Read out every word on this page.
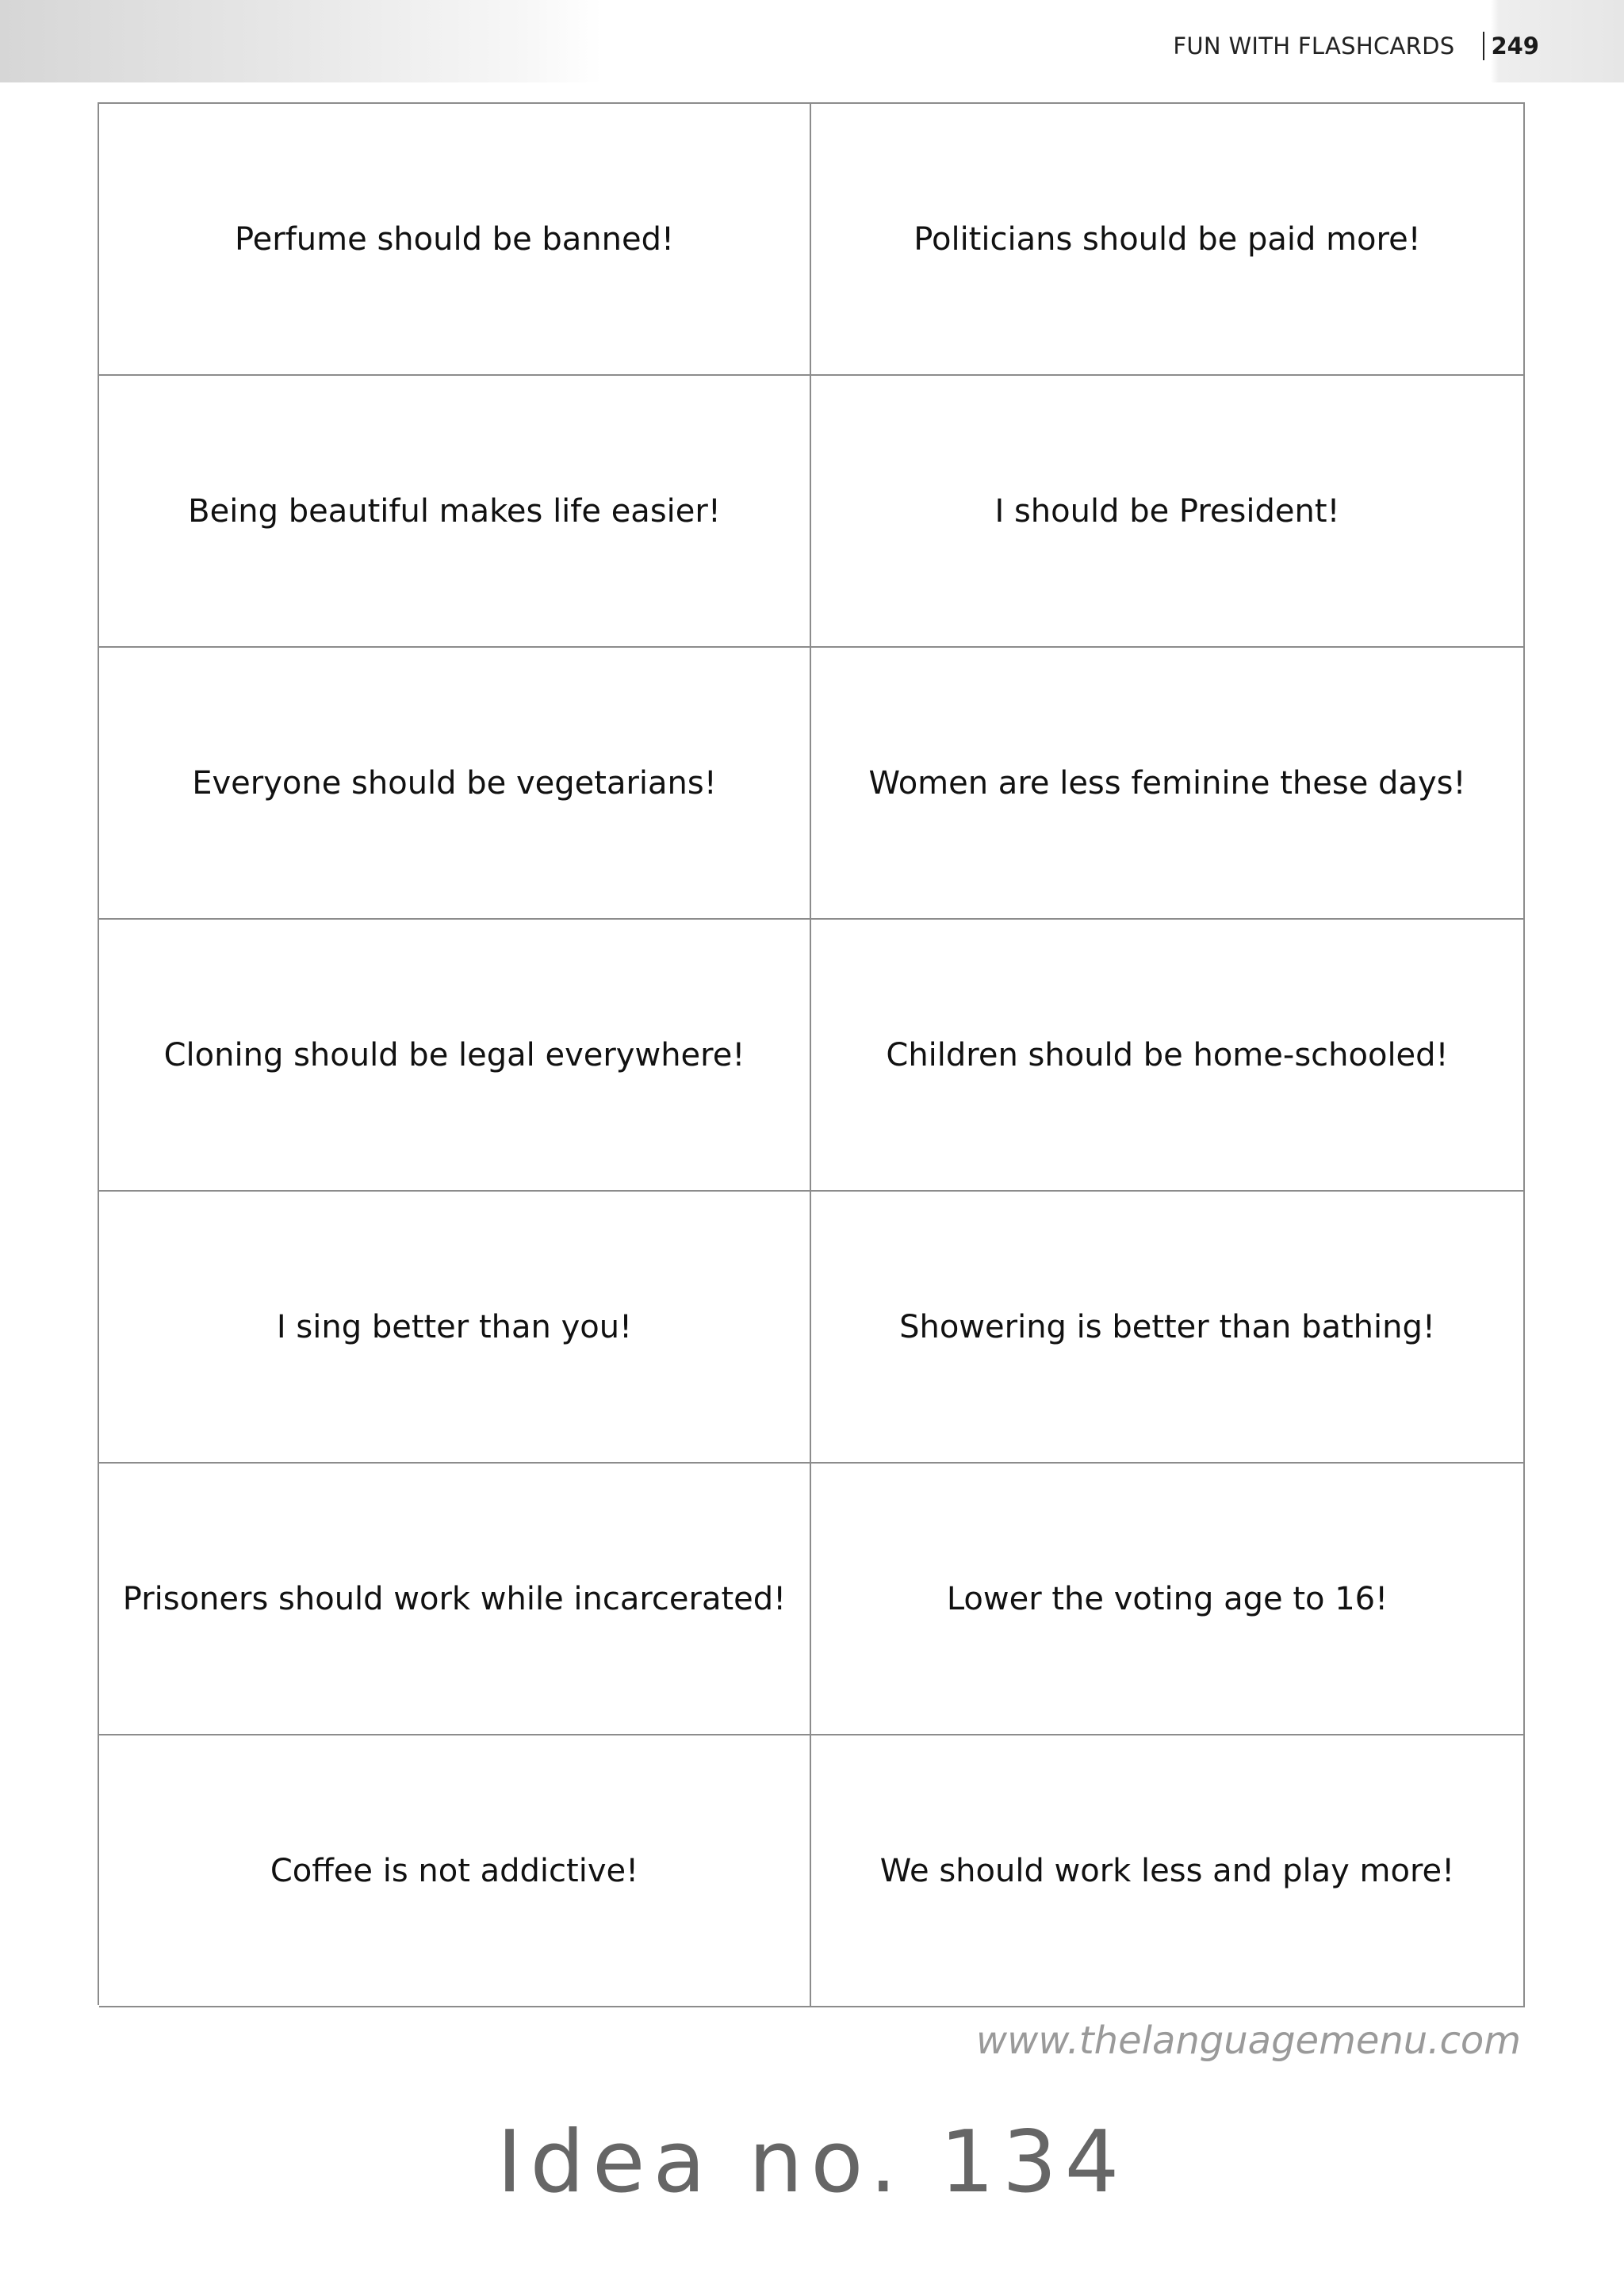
FUN WITH FLASHCARDS 249
Perfume should be banned!	Politicians should be paid more!
Being beautiful makes life easier!	I should be President!
Everyone should be vegetarians!	Women are less feminine these days!
Cloning should be legal everywhere!	Children should be home-schooled!
I sing better than you!	Showering is better than bathing!
Prisoners should work while incarcerated!	Lower the voting age to 16!
Coffee is not addictive!	We should work less and play more!
www.thelanguagemenu.com
Idea no. 134
